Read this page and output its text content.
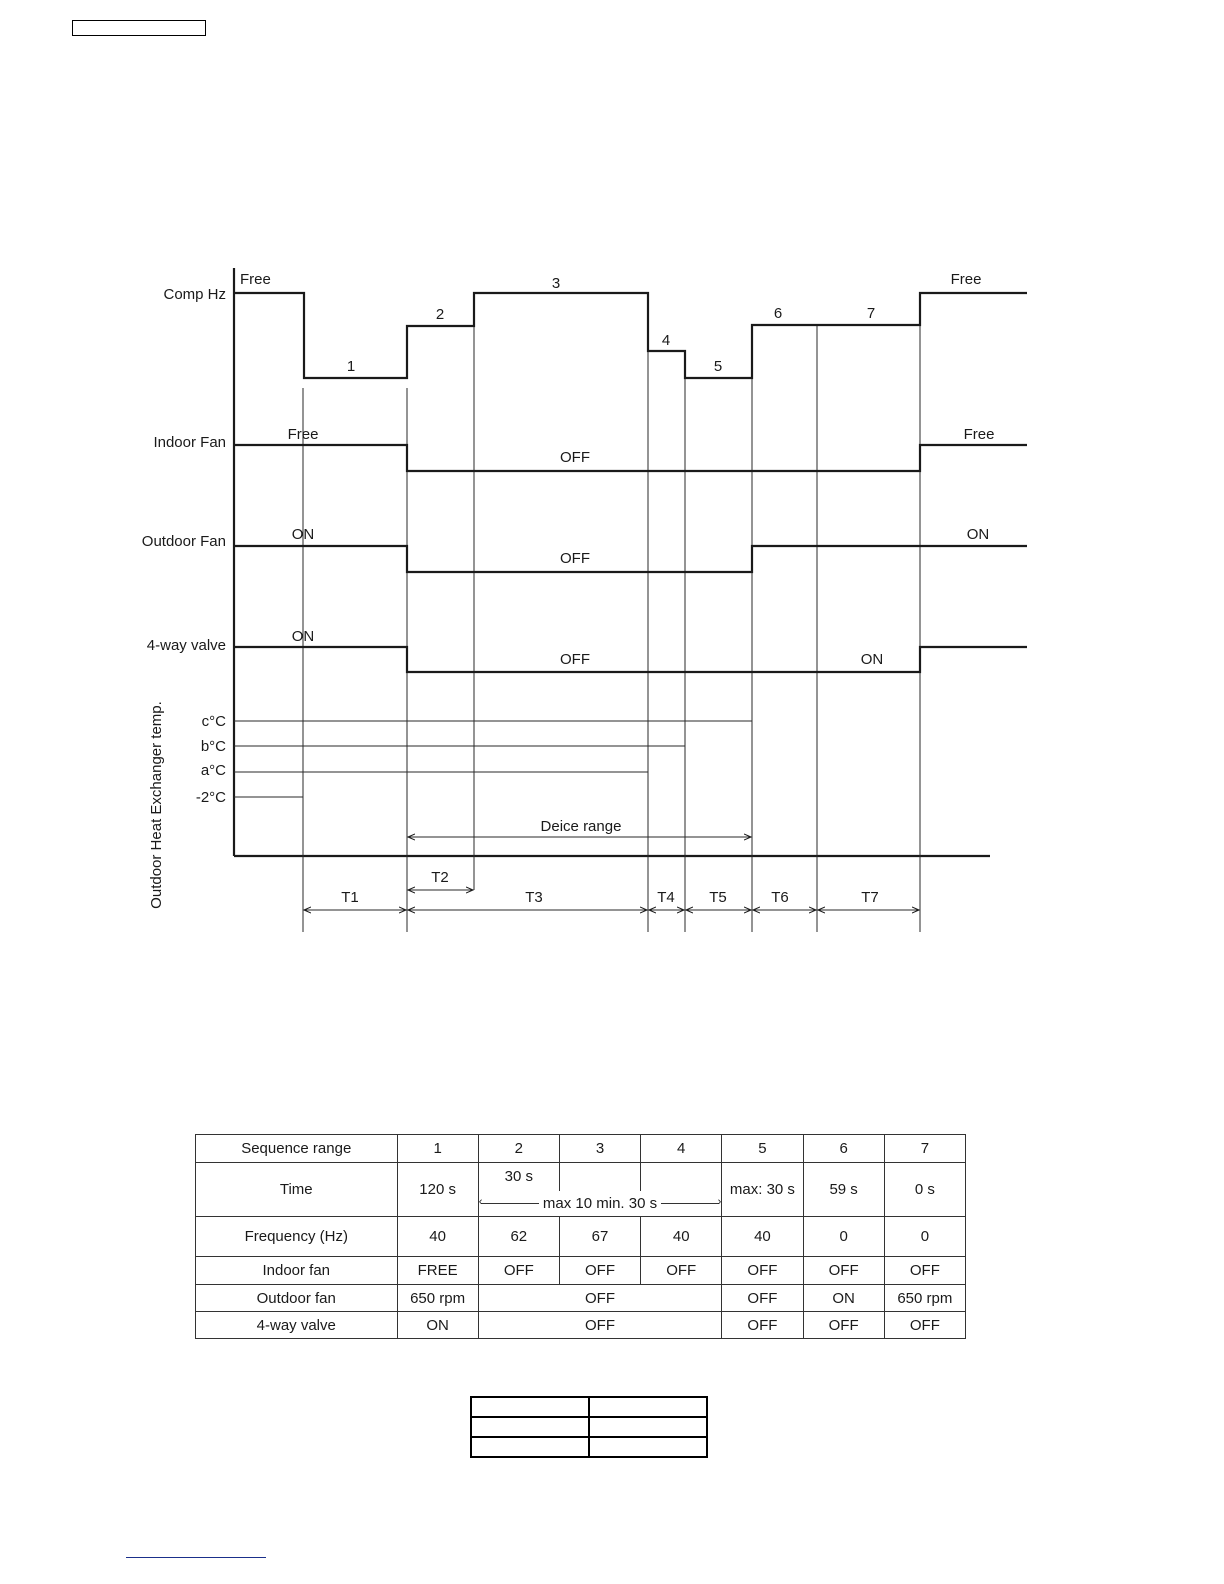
Comp Hz
Free
1
2
3
4
5
6	7
Free
Indoor Fan	Free
OFF
Free
Outdoor Fan	ON
OFF
ON
4-way valve
ON
OFF	ON
c°C
b°C
a°C
-2°C
Outdoor Heat Exchanger temp.	Deice range
T1
T2
T3	T4 T5	T6	T7
Sequence range	1	2	3	4	5	6	7
Time	120 s	30 s			max: 30 s	59 s	0 s

		‹ ›
max 10 min. 30 s					
Frequency (Hz)	40	62	67	40	40	0	0
Indoor fan	FREE	OFF	OFF	OFF	OFF	OFF	OFF
Outdoor fan	650 rpm	OFF			OFF	ON	650 rpm
4-way valve	ON	OFF			OFF	OFF	OFF
